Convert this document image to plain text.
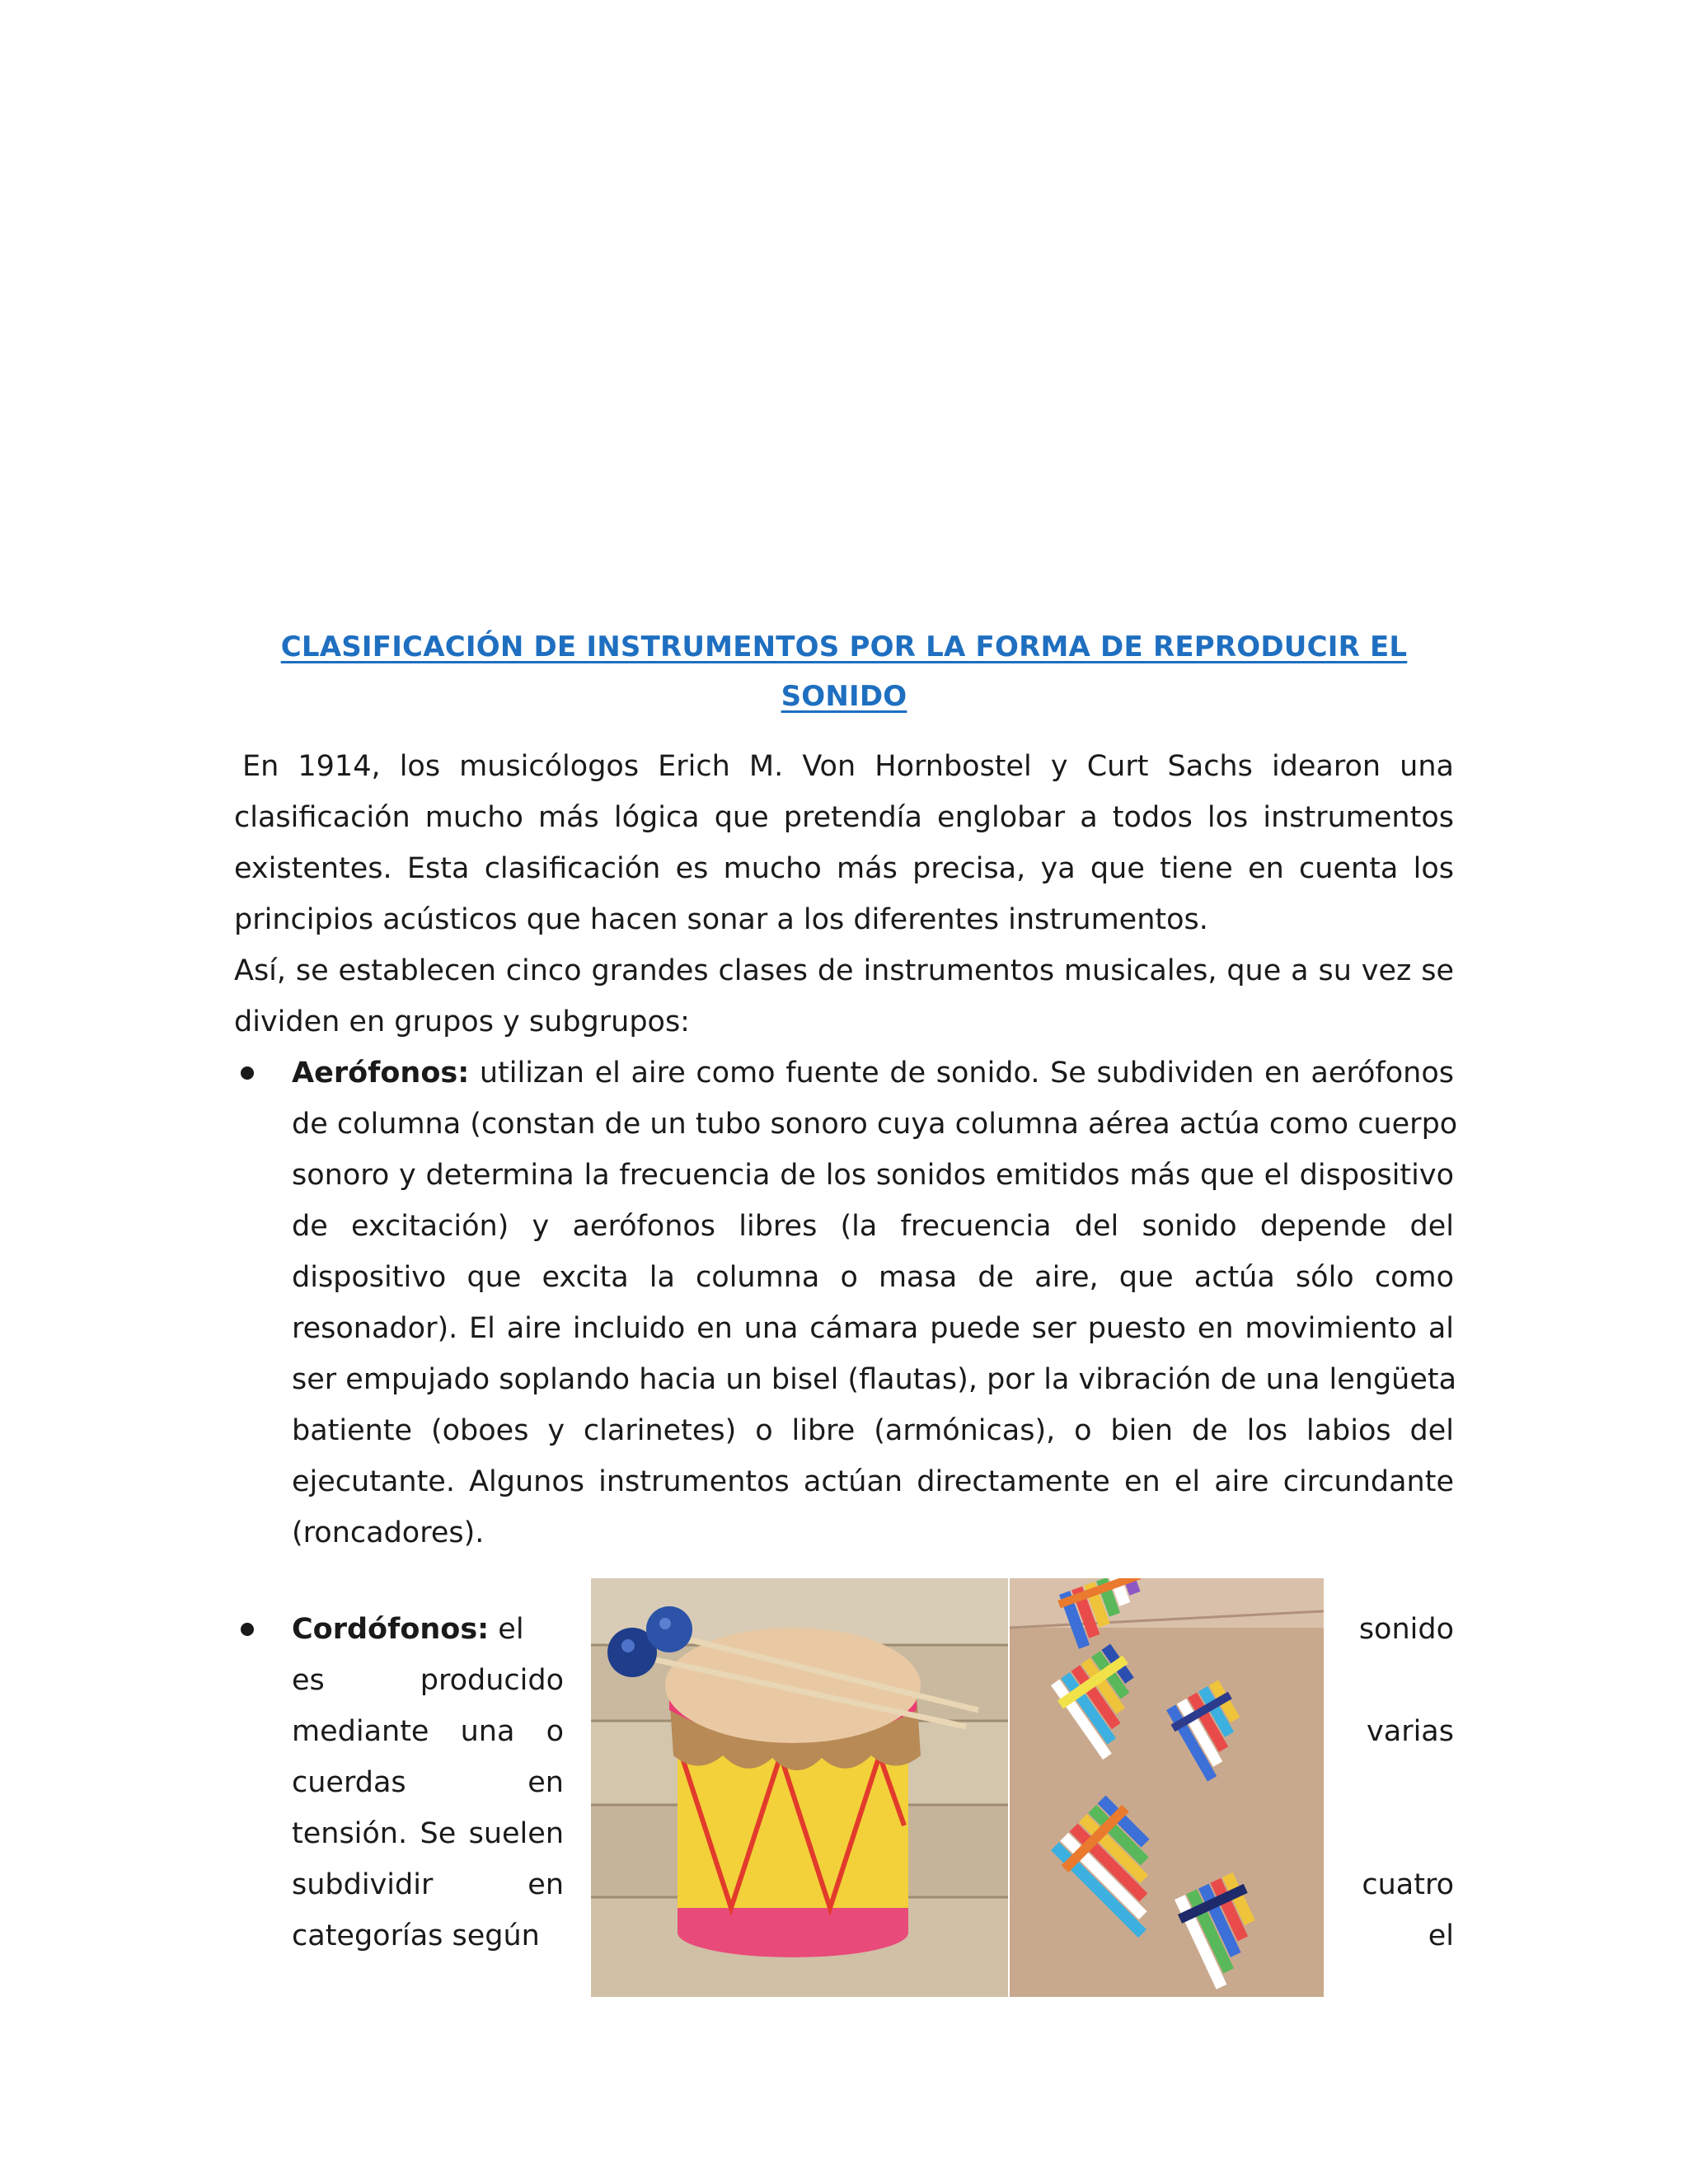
CLASIFICACIÓN DE INSTRUMENTOS POR LA FORMA DE REPRODUCIR EL
SONIDO
En 1914, los musicólogos Erich M. Von Hornbostel y Curt Sachs idearon una
clasificación mucho más lógica que pretendía englobar a todos los instrumentos
existentes. Esta clasificación es mucho más precisa, ya que tiene en cuenta los
principios acústicos que hacen sonar a los diferentes instrumentos.
Así, se establecen cinco grandes clases de instrumentos musicales, que a su vez se
dividen en grupos y subgrupos:
Aerófonos: utilizan el aire como fuente de sonido. Se subdividen en aerófonos
de columna (constan de un tubo sonoro cuya columna aérea actúa como cuerpo
sonoro y determina la frecuencia de los sonidos emitidos más que el dispositivo
de excitación) y aerófonos libres (la frecuencia del sonido depende del
dispositivo que excita la columna o masa de aire, que actúa sólo como
resonador). El aire incluido en una cámara puede ser puesto en movimiento al
ser empujado soplando hacia un bisel (flautas), por la vibración de una lengüeta
batiente (oboes y clarinetes) o libre (armónicas), o bien de los labios del
ejecutante. Algunos instrumentos actúan directamente en el aire circundante
(roncadores).
Cordófonos: el
es producido
mediante una o
cuerdas en
tensión. Se suelen
subdividir en
categorías según
sonido
varias
cuatro
el
